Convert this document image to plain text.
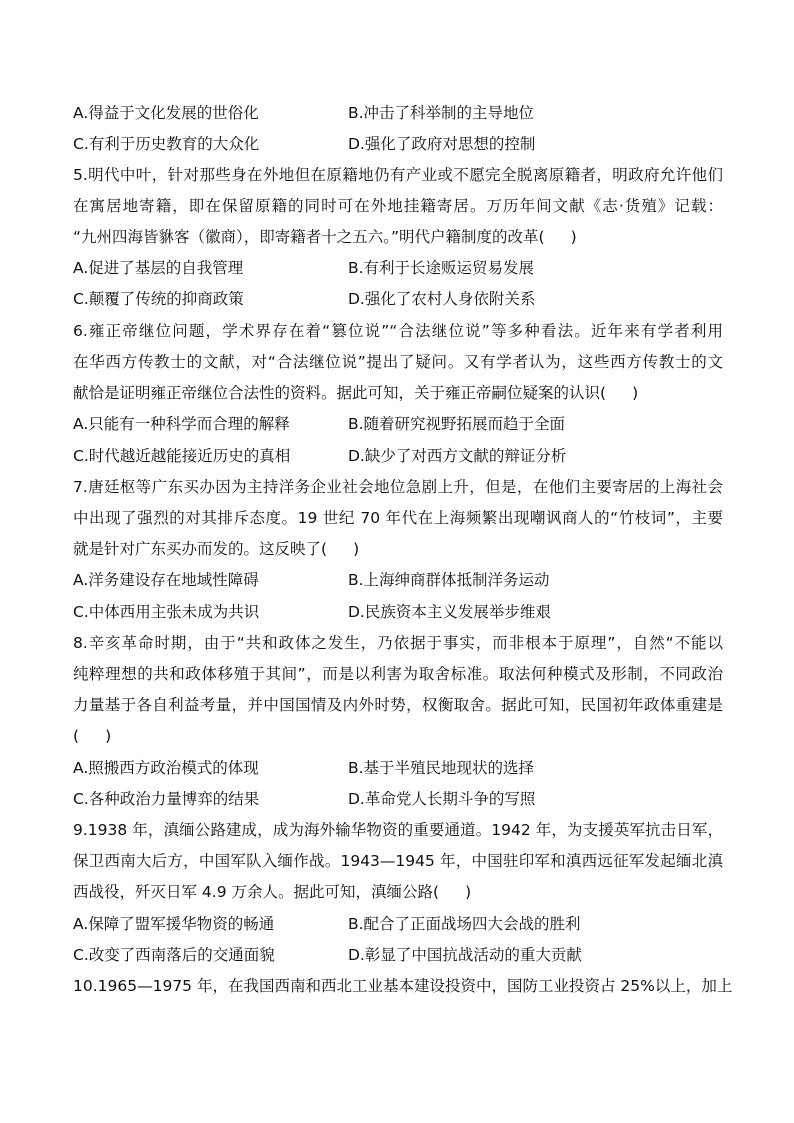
A.得益于文化发展的世俗化	B.冲击了科举制的主导地位
C.有利于历史教育的大众化	D.强化了政府对思想的控制
5.明代中叶，针对那些身在外地但在原籍地仍有产业或不愿完全脱离原籍者，明政府允许他们
在寓居地寄籍，即在保留原籍的同时可在外地挂籍寄居。万历年间文献《志·货殖》记载：
“九州四海皆貅客（徽商），即寄籍者十之五六。”明代户籍制度的改革( )
A.促进了基层的自我管理	B.有利于长途贩运贸易发展
C.颠覆了传统的抑商政策	D.强化了农村人身依附关系
6.雍正帝继位问题，学术界存在着“篡位说”“合法继位说”等多种看法。近年来有学者利用
在华西方传教士的文献，对“合法继位说”提出了疑问。又有学者认为，这些西方传教士的文
献恰是证明雍正帝继位合法性的资料。据此可知，关于雍正帝嗣位疑案的认识( )
A.只能有一种科学而合理的解释	B.随着研究视野拓展而趋于全面
C.时代越近越能接近历史的真相	D.缺少了对西方文献的辩证分析
7.唐廷枢等广东买办因为主持洋务企业社会地位急剧上升，但是，在他们主要寄居的上海社会
中出现了强烈的对其排斥态度。19 世纪 70 年代在上海频繁出现嘲讽商人的“竹枝词”，主要
就是针对广东买办而发的。这反映了( )
A.洋务建设存在地域性障碍	B.上海绅商群体抵制洋务运动
C.中体西用主张未成为共识	D.民族资本主义发展举步维艰
8.辛亥革命时期，由于“共和政体之发生，乃依据于事实，而非根本于原理”，自然“不能以
纯粹理想的共和政体移殖于其间”，而是以利害为取舍标准。取法何种模式及形制，不同政治
力量基于各自利益考量，并中国国情及内外时势，权衡取舍。据此可知，民国初年政体重建是
( )
A.照搬西方政治模式的体现	B.基于半殖民地现状的选择
C.各种政治力量博弈的结果	D.革命党人长期斗争的写照
9.1938 年，滇缅公路建成，成为海外输华物资的重要通道。1942 年，为支援英军抗击日军，
保卫西南大后方，中国军队入缅作战。1943—1945 年，中国驻印军和滇西远征军发起缅北滇
西战役，歼灭日军 4.9 万余人。据此可知，滇缅公路( )
A.保障了盟军援华物资的畅通	B.配合了正面战场四大会战的胜利
C.改变了西南落后的交通面貌	D.彰显了中国抗战活动的重大贡献
10.1965—1975 年，在我国西南和西北工业基本建设投资中，国防工业投资占 25%以上，加上
